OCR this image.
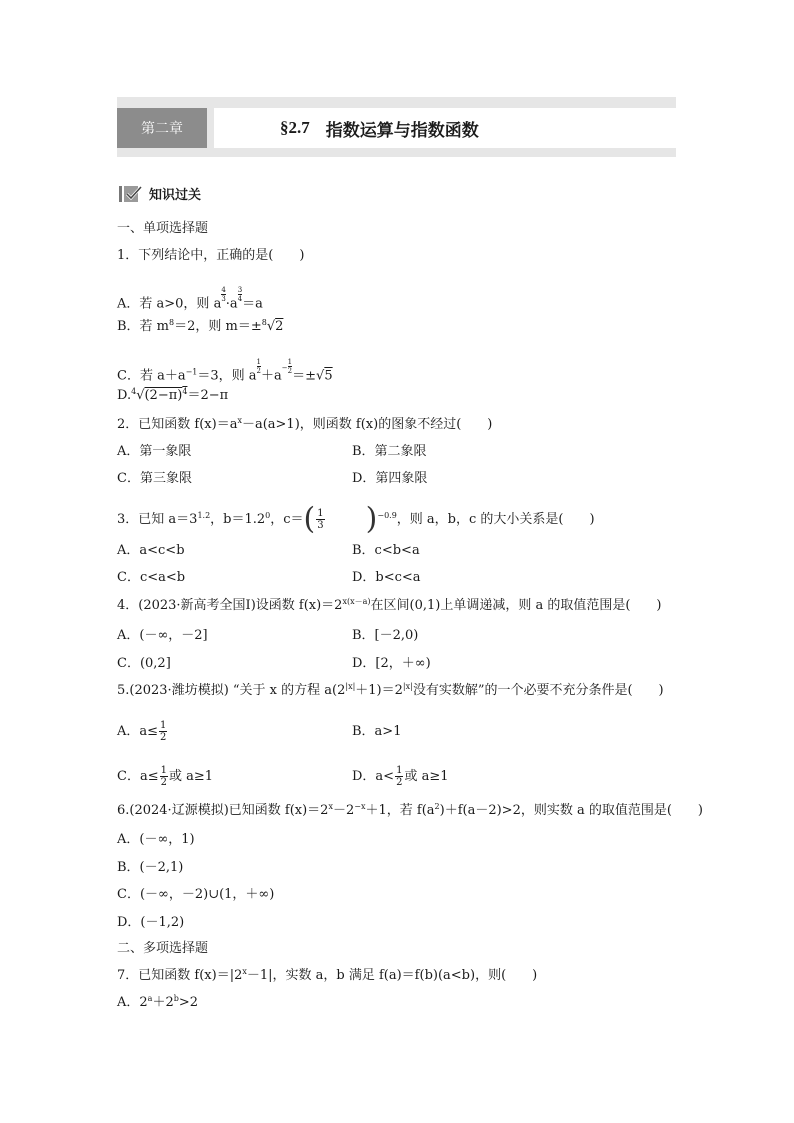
第二章	§2.7 指数运算与指数函数
知识过关
一、单项选择题
1．下列结论中，正确的是(　　)
A．若 a>0，则 a
$\frac{4}{3}$
·a
$\frac{3}{4}$
＝a
B．若 $m^8=2$，则 m＝±$^8$√2
C．若 $a+a^{-1}=3$，则 a
$\frac{1}{2}$
$+a^- \frac{1}{2}$
＝±√5
$D.^4√(2-\pi)^4=2-\pi$
2．已知函数 $f(x)=a^x-a(a>1)$，则函数 f(x)的图象不经过(　　)
A．第一象限	B．第二象限
C．第三象限	D．第四象限
3．已知 $a=3^{1.2}$，$b=1.2^0$，$c=( \frac{1}{3} )^{-0.9}$，则 a，b，c 的大小关系是(　　)
A．a<c<b	B．c<b<a
C．c<a<b	D．b<c<a
4．(2023·新高考全国Ⅰ)设函数 $f(x)=2^{x(x-a)}$在区间(0,1)上单调递减，则 a 的取值范围是(　　)
A．(－∞，－2]	B．[－2,0)
C．(0,2]	D．[2，＋∞)
5.(2023·潍坊模拟) “关于 x 的方程 $a(2^{|x|}+1)=2^{|x|}$没有实数解”的一个必要不充分条件是(　　)
A．$a\le \frac{1}{2}$	B．a>1
C．$a\le \frac{1}{2}$ 或 a≥1	D．$a< \frac{1}{2}$ 或 a≥1
6.(2024·辽源模拟)已知函数 $f(x)=2^x-2^{-x}+1$，若 $f(a^2)+f(a-2)>2$，则实数 a 的取值范围是(　　)
A．(－∞，1)
B．(－2,1)
C．(－∞，－2)∪(1，＋∞)
D．(－1,2)
二、多项选择题
7．已知函数 $f(x)=|2^x-1|$，实数 a，b 满足 f(a)＝f(b)(a<b)，则(　　)
A．$2^a+2^b>2$
